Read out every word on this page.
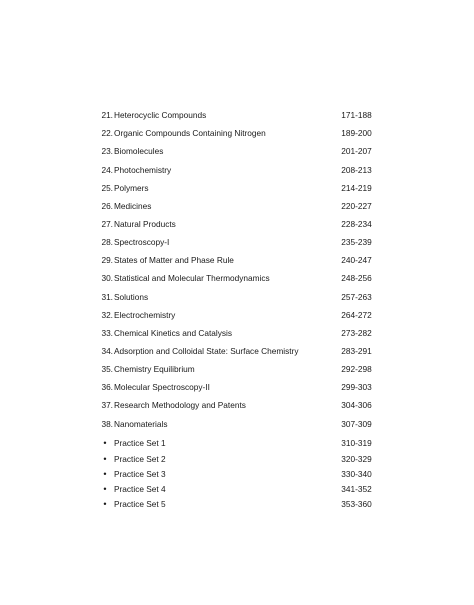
21. Heterocyclic Compounds	171-188
22. Organic Compounds Containing Nitrogen	189-200
23. Biomolecules	201-207
24. Photochemistry	208-213
25. Polymers	214-219
26. Medicines	220-227
27. Natural Products	228-234
28. Spectroscopy-I	235-239
29. States of Matter and Phase Rule	240-247
30. Statistical and Molecular Thermodynamics	248-256
31. Solutions	257-263
32. Electrochemistry	264-272
33. Chemical Kinetics and Catalysis	273-282
34. Adsorption and Colloidal State: Surface Chemistry	283-291
35. Chemistry Equilibrium	292-298
36. Molecular Spectroscopy-II	299-303
37. Research Methodology and Patents	304-306
38. Nanomaterials	307-309
• Practice Set 1	310-319
• Practice Set 2	320-329
• Practice Set 3	330-340
• Practice Set 4	341-352
• Practice Set 5	353-360
